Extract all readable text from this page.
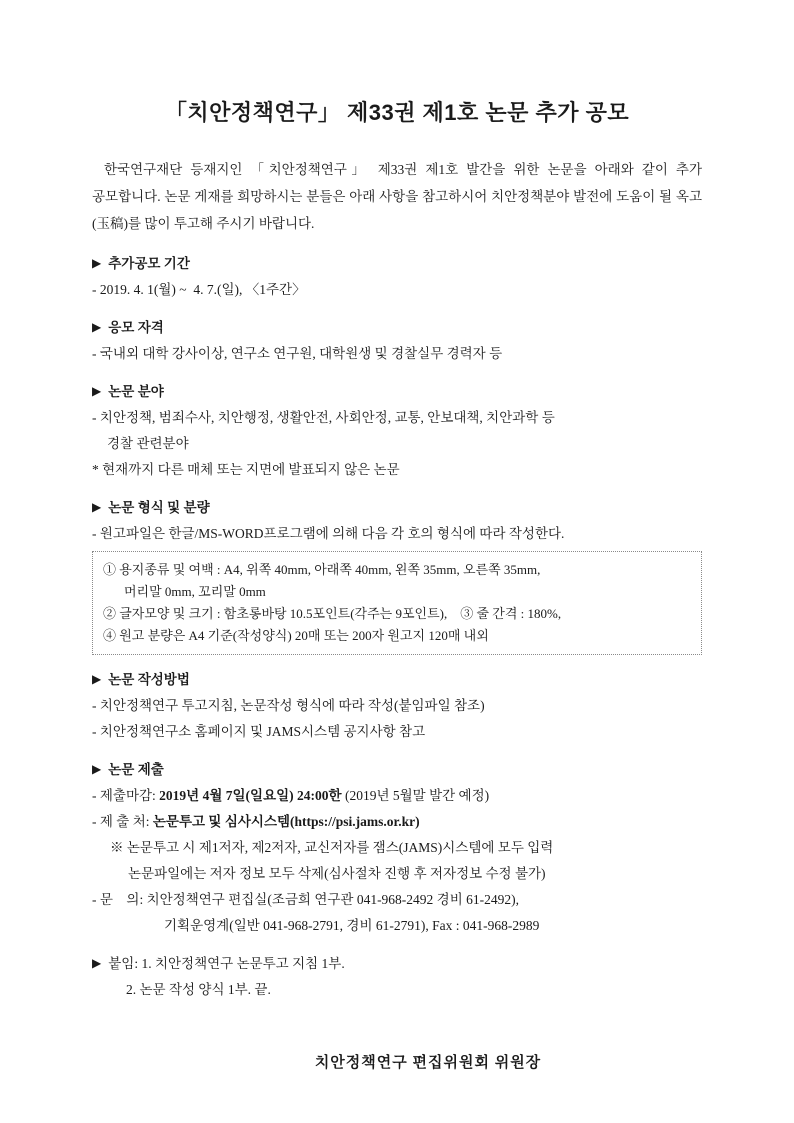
「치안정책연구」 제33권 제1호 논문 추가 공모

한국연구재단 등재지인 「치안정책연구」 제33권 제1호 발간을 위한 논문을 아래와 같이 추가 공모합니다. 논문 게재를 희망하시는 분들은 아래 사항을 참고하시어 치안정책분야 발전에 도움이 될 옥고(玉稿)를 많이 투고해 주시기 바랍니다.

▶ 추가공모 기간
- 2019. 4. 1(월) ~  4. 7.(일), 〈1주간〉
▶ 응모 자격
- 국내외 대학 강사이상, 연구소 연구원, 대학원생 및 경찰실무 경력자 등
▶ 논문 분야
- 치안정책, 범죄수사, 치안행정, 생활안전, 사회안정, 교통, 안보대책, 치안과학 등
경찰 관련분야
* 현재까지 다른 매체 또는 지면에 발표되지 않은 논문
▶ 논문 형식 및 분량
- 원고파일은 한글/MS-WORD프로그램에 의해 다음 각 호의 형식에 따라 작성한다.
① 용지종류 및 여백 : A4, 위쪽 40mm, 아래쪽 40mm, 왼쪽 35mm, 오른쪽 35mm,
머리말 0mm, 꼬리말 0mm
② 글자모양 및 크기 : 함초롱바탕 10.5포인트(각주는 9포인트),    ③ 줄 간격 : 180%,
④ 원고 분량은 A4 기준(작성양식) 20매 또는 200자 원고지 120매 내외
▶ 논문 작성방법
- 치안정책연구 투고지침, 논문작성 형식에 따라 작성(붙임파일 참조)
- 치안정책연구소 홈페이지 및 JAMS시스템 공지사항 참고
▶ 논문 제출
- 제출마감: 2019년 4월 7일(일요일) 24:00한 (2019년 5월말 발간 예정)
- 제 출 처: 논문투고 및 심사시스템(https://psi.jams.or.kr)
※ 논문투고 시 제1저자, 제2저자, 교신저자를 잼스(JAMS)시스템에 모두 입력
논문파일에는 저자 정보 모두 삭제(심사절차 진행 후 저자정보 수정 불가)
- 문    의: 치안정책연구 편집실(조금희 연구관 041-968-2492 경비 61-2492),
기획운영계(일반 041-968-2791, 경비 61-2791), Fax : 041-968-2989
▶ 붙임: 1. 치안정책연구 논문투고 지침 1부.
2. 논문 작성 양식 1부. 끝.
치안정책연구 편집위원회 위원장
